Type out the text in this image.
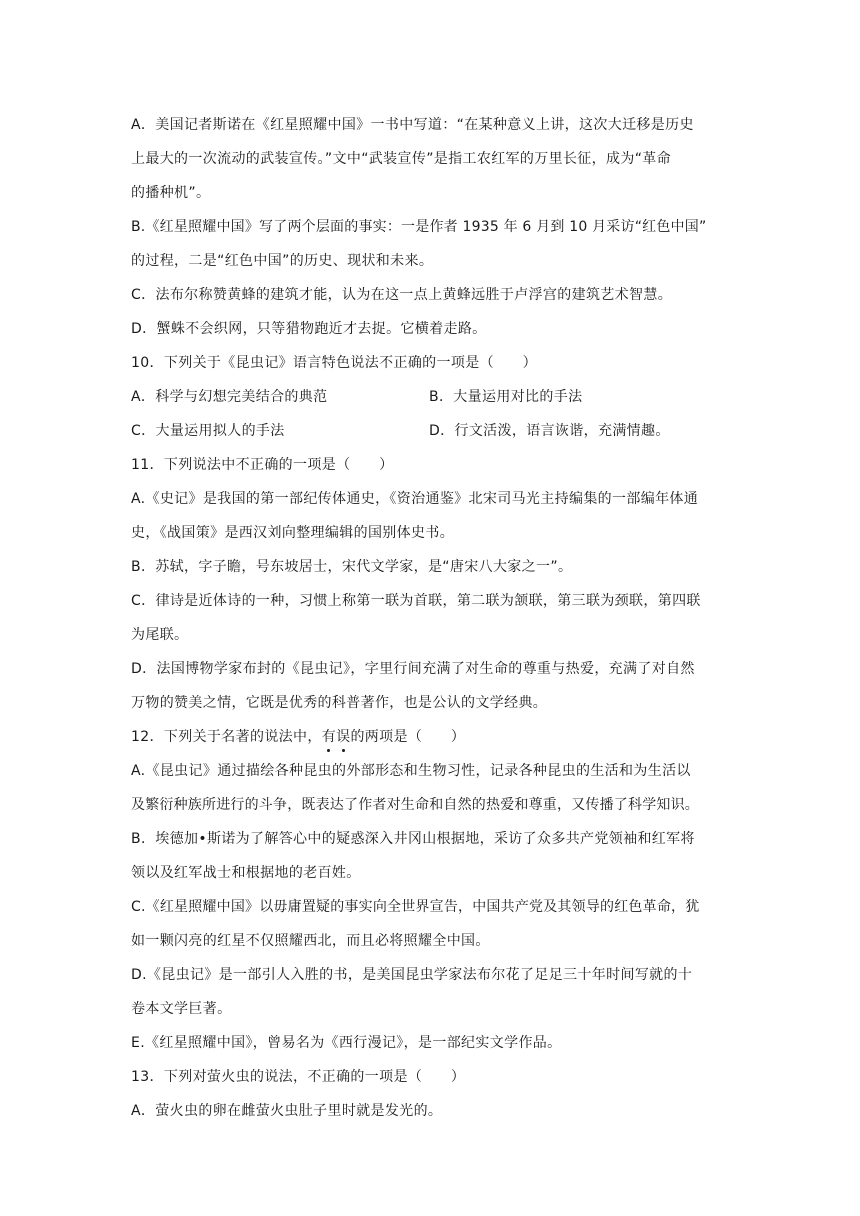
A．美国记者斯诺在《红星照耀中国》一书中写道：“在某种意义上讲，这次大迁移是历史
上最大的一次流动的武装宣传。”文中“武装宣传”是指工农红军的万里长征，成为“革命
的播种机”。
B.《红星照耀中国》写了两个层面的事实：一是作者 1935 年 6 月到 10 月采访“红色中国”
的过程，二是“红色中国”的历史、现状和未来。
C．法布尔称赞黄蜂的建筑才能，认为在这一点上黄蜂远胜于卢浮宫的建筑艺术智慧。
D．蟹蛛不会织网，只等猎物跑近才去捉。它横着走路。
10．下列关于《昆虫记》语言特色说法不正确的一项是（　　）
A．科学与幻想完美结合的典范	B．大量运用对比的手法
C．大量运用拟人的手法	D．行文活泼，语言诙谐，充满情趣。
11．下列说法中不正确的一项是（　　）
A.《史记》是我国的第一部纪传体通史，《资治通鉴》北宋司马光主持编集的一部编年体通
史，《战国策》是西汉刘向整理编辑的国别体史书。
B．苏轼，字子瞻，号东坡居士，宋代文学家，是“唐宋八大家之一”。
C．律诗是近体诗的一种，习惯上称第一联为首联，第二联为颔联，第三联为颈联，第四联
为尾联。
D．法国博物学家布封的《昆虫记》，字里行间充满了对生命的尊重与热爱，充满了对自然
万物的赞美之情，它既是优秀的科普著作，也是公认的文学经典。
12．下列关于名著的说法中，有误的两项是（　　）
A.《昆虫记》通过描绘各种昆虫的外部形态和生物习性，记录各种昆虫的生活和为生活以
及繁衍种族所进行的斗争，既表达了作者对生命和自然的热爱和尊重，又传播了科学知识。
B．埃德加•斯诺为了解答心中的疑惑深入井冈山根据地，采访了众多共产党领袖和红军将
领以及红军战士和根据地的老百姓。
C.《红星照耀中国》以毋庸置疑的事实向全世界宣告，中国共产党及其领导的红色革命，犹
如一颗闪亮的红星不仅照耀西北，而且必将照耀全中国。
D.《昆虫记》是一部引人入胜的书，是美国昆虫学家法布尔花了足足三十年时间写就的十
卷本文学巨著。
E.《红星照耀中国》，曾易名为《西行漫记》，是一部纪实文学作品。
13．下列对萤火虫的说法，不正确的一项是（　　）
A．萤火虫的卵在雌萤火虫肚子里时就是发光的。
